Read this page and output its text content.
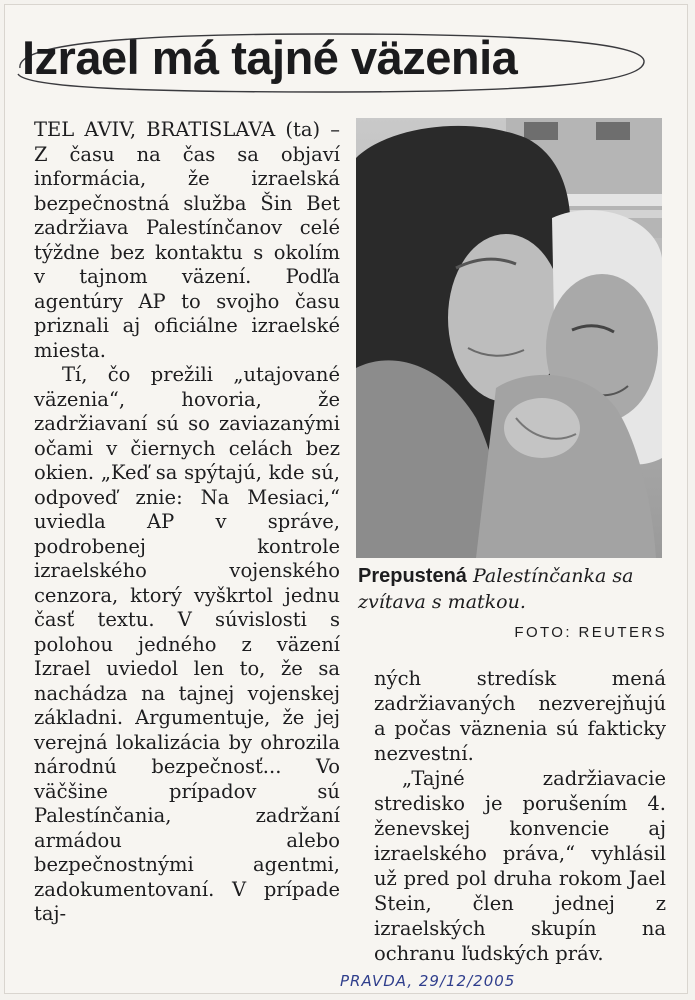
Izrael má tajné väzenia

TEL AVIV, BRATISLAVA (ta) – Z času na čas sa objaví informácia, že izraelská bezpečnostná služba Šin Bet zadržiava Palestínčanov celé týždne bez kontaktu s okolím v tajnom väzení. Podľa agentúry AP to svojho času priznali aj oficiálne izraelské miesta.

Tí, čo prežili „utajované väzenia“, hovoria, že zadržiavaní sú so zaviazanými očami v čiernych celách bez okien. „Keď sa spýtajú, kde sú, odpoveď znie: Na Mesiaci,“ uviedla AP v správe, podrobenej kontrole izraelského vojenského cenzora, ktorý vyškrtol jednu časť textu. V súvislosti s polohou jedného z väzení Izrael uviedol len to, že sa nachádza na tajnej vojenskej základni. Argumentuje, že jej verejná lokalizácia by ohrozila národnú bezpečnosť... Vo väčšine prípadov sú Palestínčania, zadržaní armádou alebo bezpečnostnými agentmi, zadokumentovaní. V prípade taj-

Prepustená Palestínčanka sa zvítava s matkou.
FOTO: REUTERS

ných stredísk mená zadržiavaných nezverejňujú a počas väznenia sú fakticky nezvestní.

„Tajné zadržiavacie stredisko je porušením 4. ženevskej konvencie aj izraelského práva,“ vyhlásil už pred pol druha rokom Jael Stein, člen jednej z izraelských skupín na ochranu ľudských práv.

PRAVDA, 29/12/2005
